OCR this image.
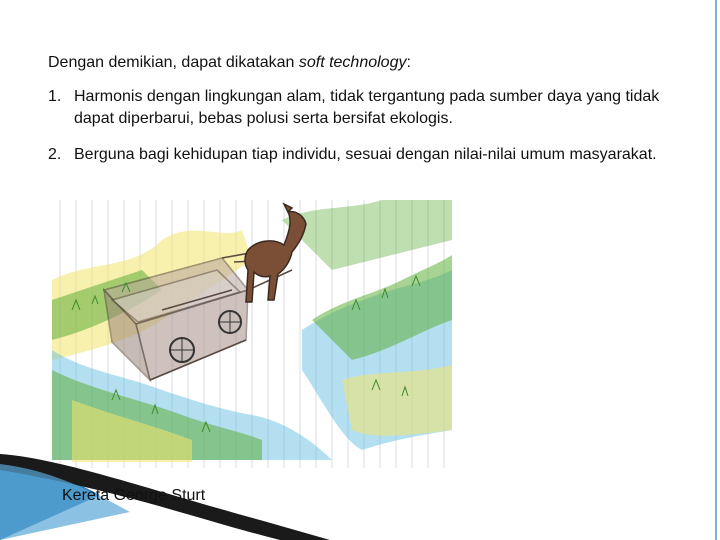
Dengan demikian, dapat dikatakan soft technology:
1. Harmonis dengan lingkungan alam, tidak tergantung pada sumber daya yang tidak dapat diperbarui, bebas polusi serta bersifat ekologis.
2. Berguna bagi kehidupan tiap individu, sesuai dengan nilai-nilai umum masyarakat.
Kereta George Sturt
